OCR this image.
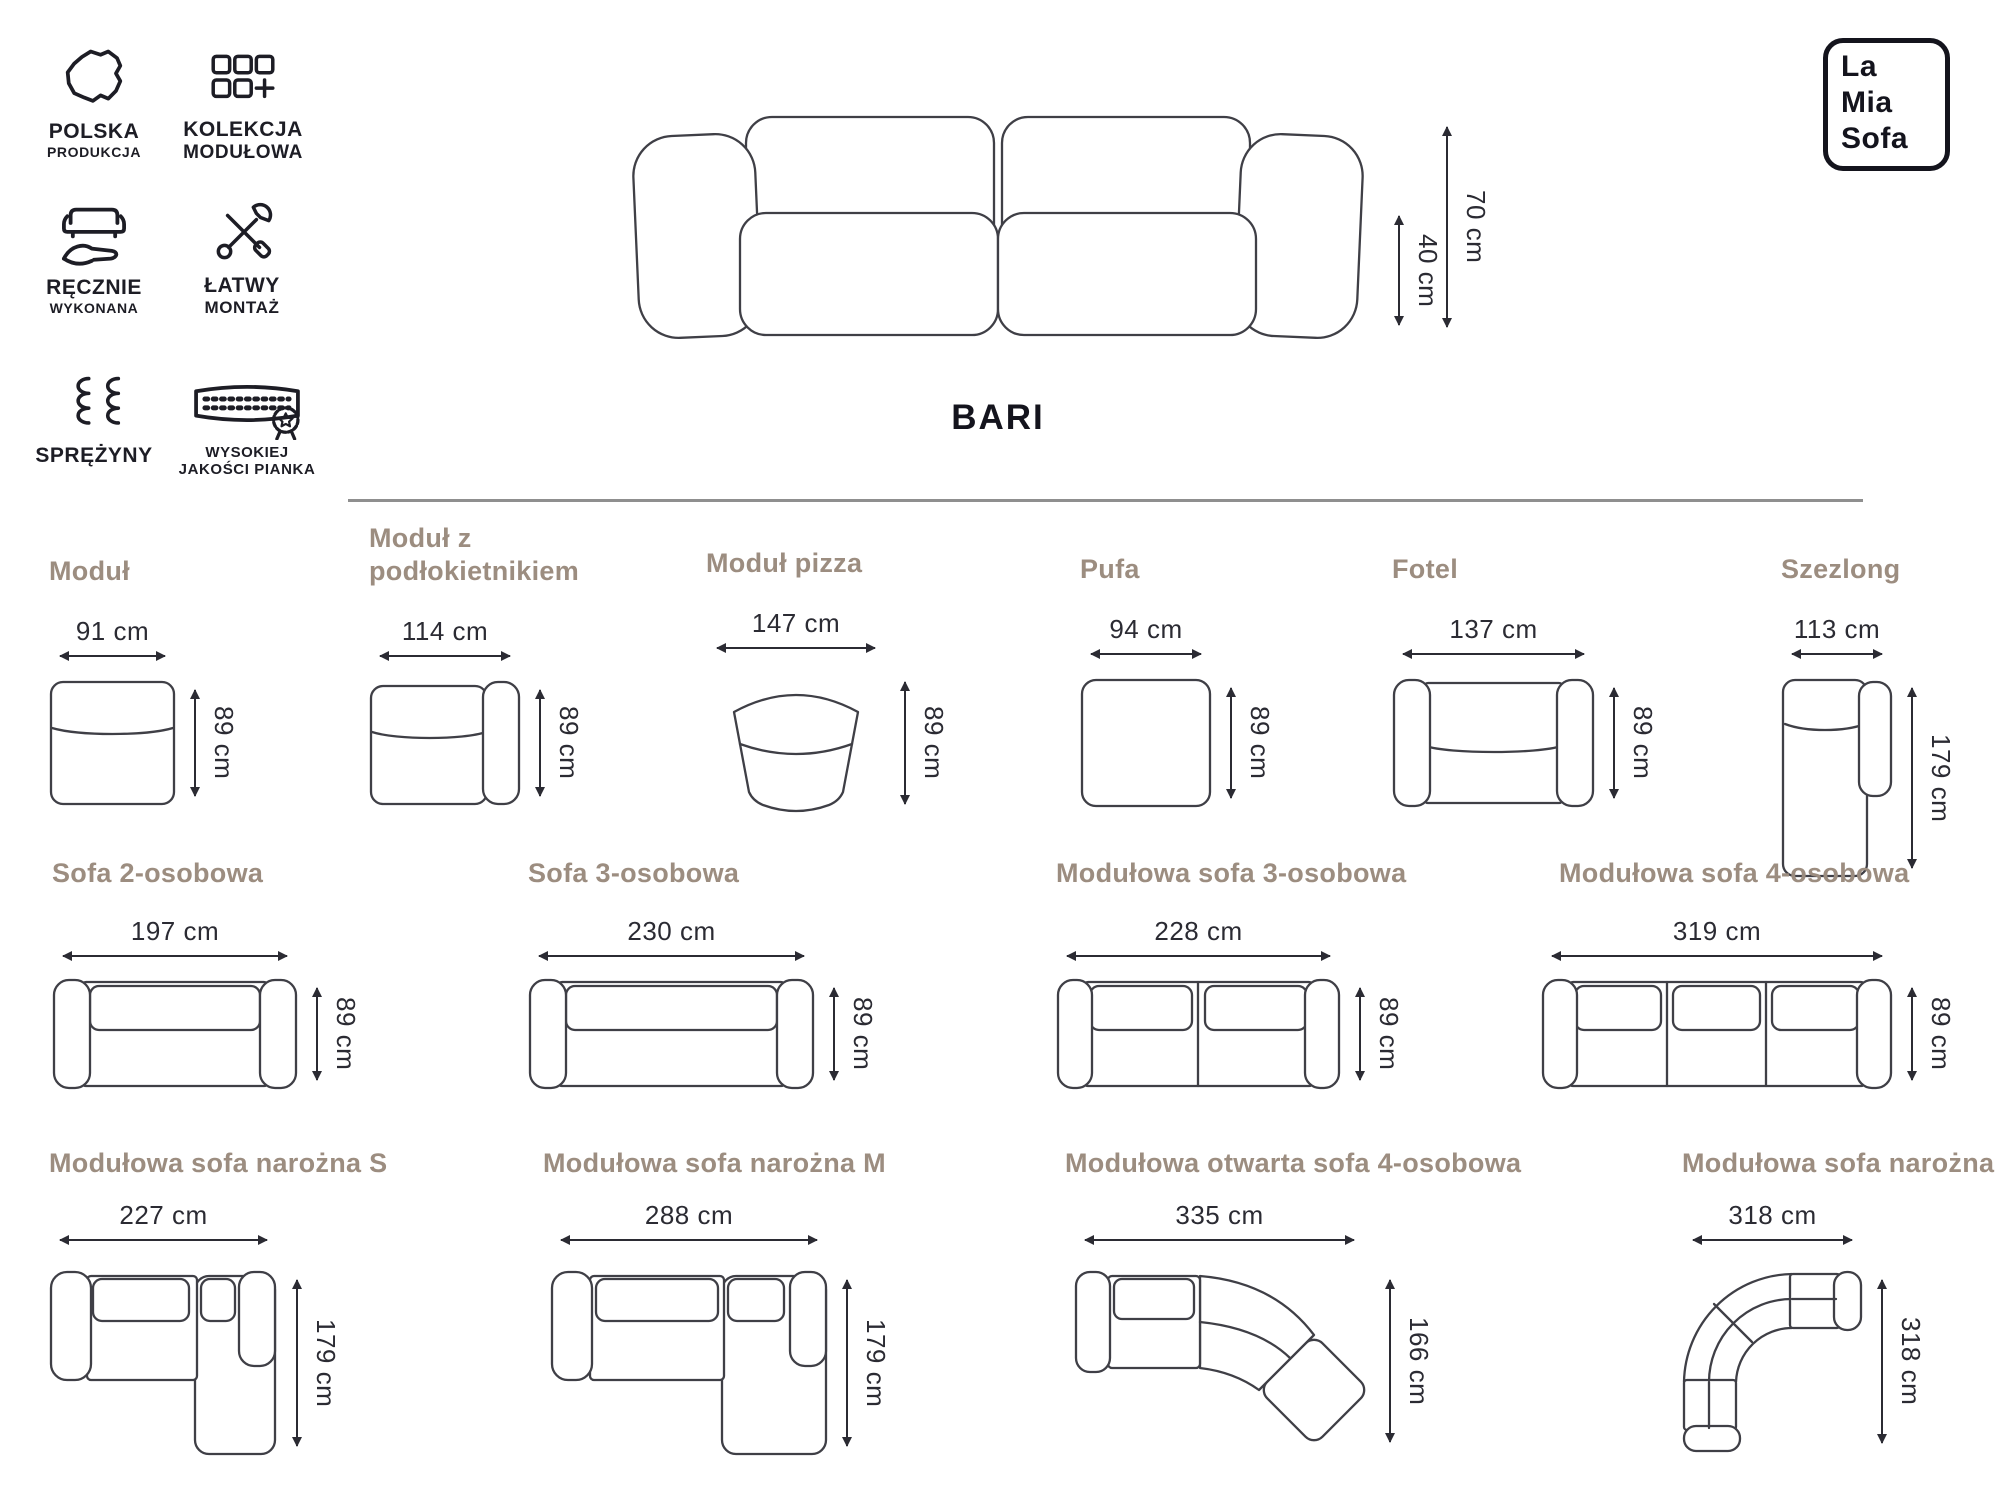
POLSKA
PRODUKCJA
KOLEKCJA
MODUŁOWA
RĘCZNIE
WYKONANA
ŁATWY
MONTAŻ
SPRĘŻYNY	WYSOKIEJ
JAKOŚCI PIANKA
La
Mia
Sofa
40 cm
70 cm
BARI
Moduł
91 cm
89 cm
Moduł z podłokietnikiem
114 cm
89 cm
Moduł pizza
147 cm
89 cm
Pufa
94 cm
89 cm
Fotel
137 cm
89 cm
Szezlong
113 cm
179 cm
Sofa 2-osobowa
197 cm
89 cm
Sofa 3-osobowa
230 cm
89 cm
Modułowa sofa 3-osobowa
228 cm
89 cm
Modułowa sofa 4-osobowa
319 cm
89 cm
Modułowa sofa narożna S
227 cm
179 cm
Modułowa sofa narożna M
288 cm
179 cm
Modułowa otwarta sofa 4-osobowa
335 cm
166 cm
Modułowa sofa narożna
318 cm
318 cm
